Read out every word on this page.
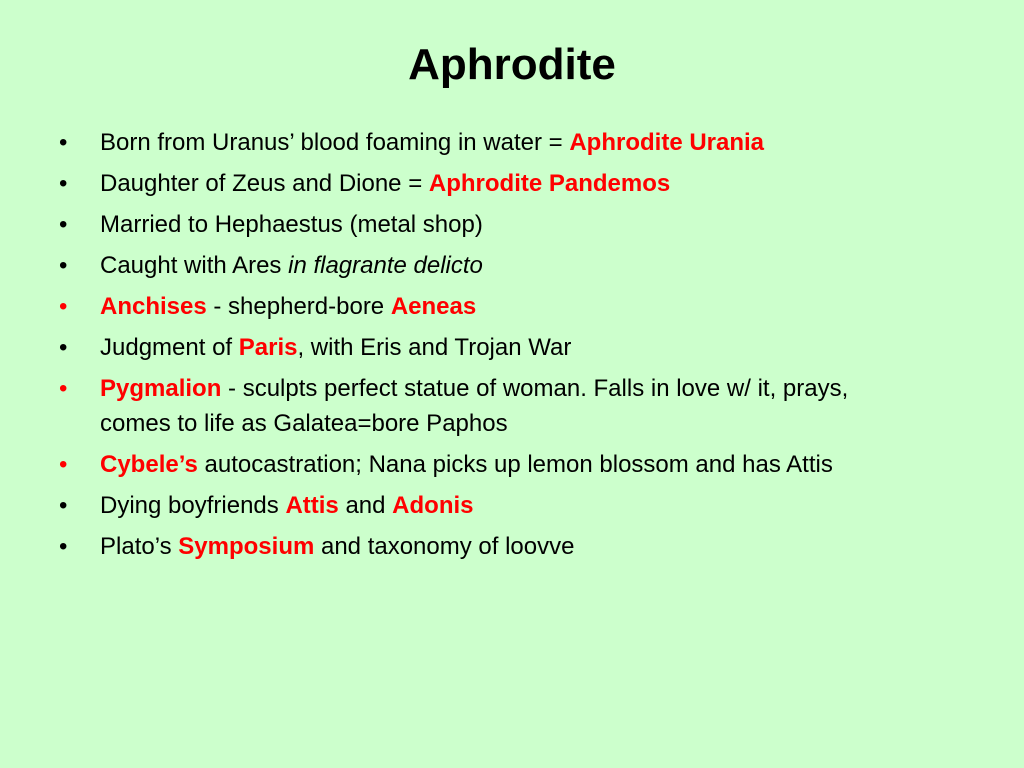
Aphrodite
• Born from Uranus’ blood foaming in water = Aphrodite Urania
• Daughter of Zeus and Dione = Aphrodite Pandemos
• Married to Hephaestus (metal shop)
• Caught with Ares in flagrante delicto
• Anchises - shepherd-bore Aeneas
• Judgment of Paris, with Eris and Trojan War
• Pygmalion - sculpts perfect statue of woman. Falls in love w/ it, prays, comes to life as Galatea=bore Paphos
• Cybele’s autocastration; Nana picks up lemon blossom and has Attis
• Dying boyfriends Attis and Adonis
• Plato’s Symposium and taxonomy of loovve
